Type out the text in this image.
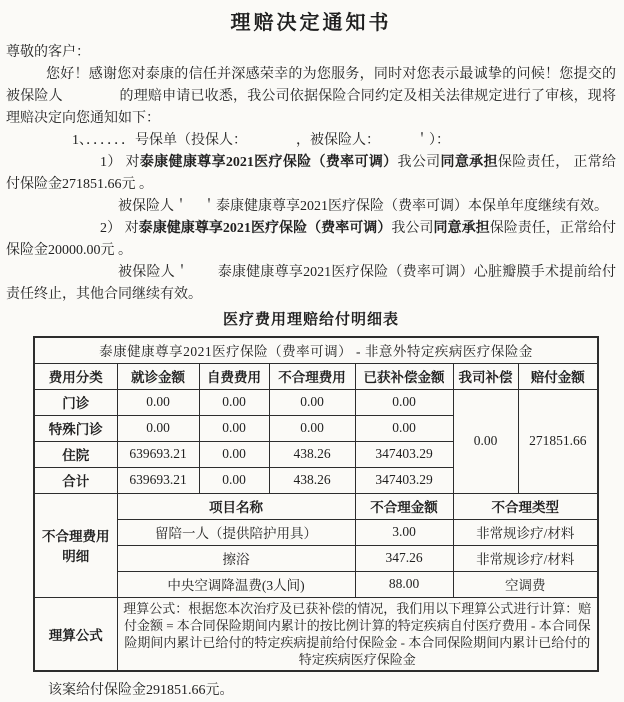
理赔决定通知书

尊敬的客户：

您好！感谢您对泰康的信任并深感荣幸的为您服务，同时对您表示最诚挚的问候！您提交的被保险人　　　　的理赔申请已收悉，我公司依据保险合同约定及相关法律规定进行了审核，现将理赔决定向您通知如下：

1、．．．．．．号保单（投保人：　　　　，被保险人：　　　＇）：

1） 对泰康健康尊享2021医疗保险（费率可调）我公司同意承担保险责任， 正常给付保险金271851.66元 。

被保险人＇　＇泰康健康尊享2021医疗保险（费率可调）本保单年度继续有效。

2） 对泰康健康尊享2021医疗保险（费率可调）我公司同意承担保险责任，正常给付保险金20000.00元 。

被保险人＇　　泰康健康尊享2021医疗保险（费率可调）心脏瓣膜手术提前给付责任终止，其他合同继续有效。

医疗费用理赔给付明细表
泰康健康尊享2021医疗保险（费率可调） - 非意外特定疾病医疗保险金						
费用分类	就诊金额	自费费用	不合理费用	已获补偿金额	我司补偿	赔付金额
门诊	0.00	0.00	0.00	0.00	0.00	271851.66
特殊门诊	0.00	0.00	0.00	0.00		
住院	639693.21	0.00	438.26	347403.29		
合计	639693.21	0.00	438.26	347403.29		
不合理费用明细	项目名称			不合理金额	不合理类型	
	留陪一人（提供陪护用具）			3.00	非常规诊疗/材料	
	擦浴			347.26	非常规诊疗/材料	
	中央空调降温费(3人间)			88.00	空调费	
理算公式	理算公式：根据您本次治疗及已获补偿的情况，我们用以下理算公式进行计算：赔付金额 = 本合同保险期间内累计的按比例计算的特定疾病自付医疗费用 - 本合同保险期间内累计已给付的特定疾病提前给付保险金 - 本合同保险期间内累计已给付的特定疾病医疗保险金					

该案给付保险金291851.66元。
